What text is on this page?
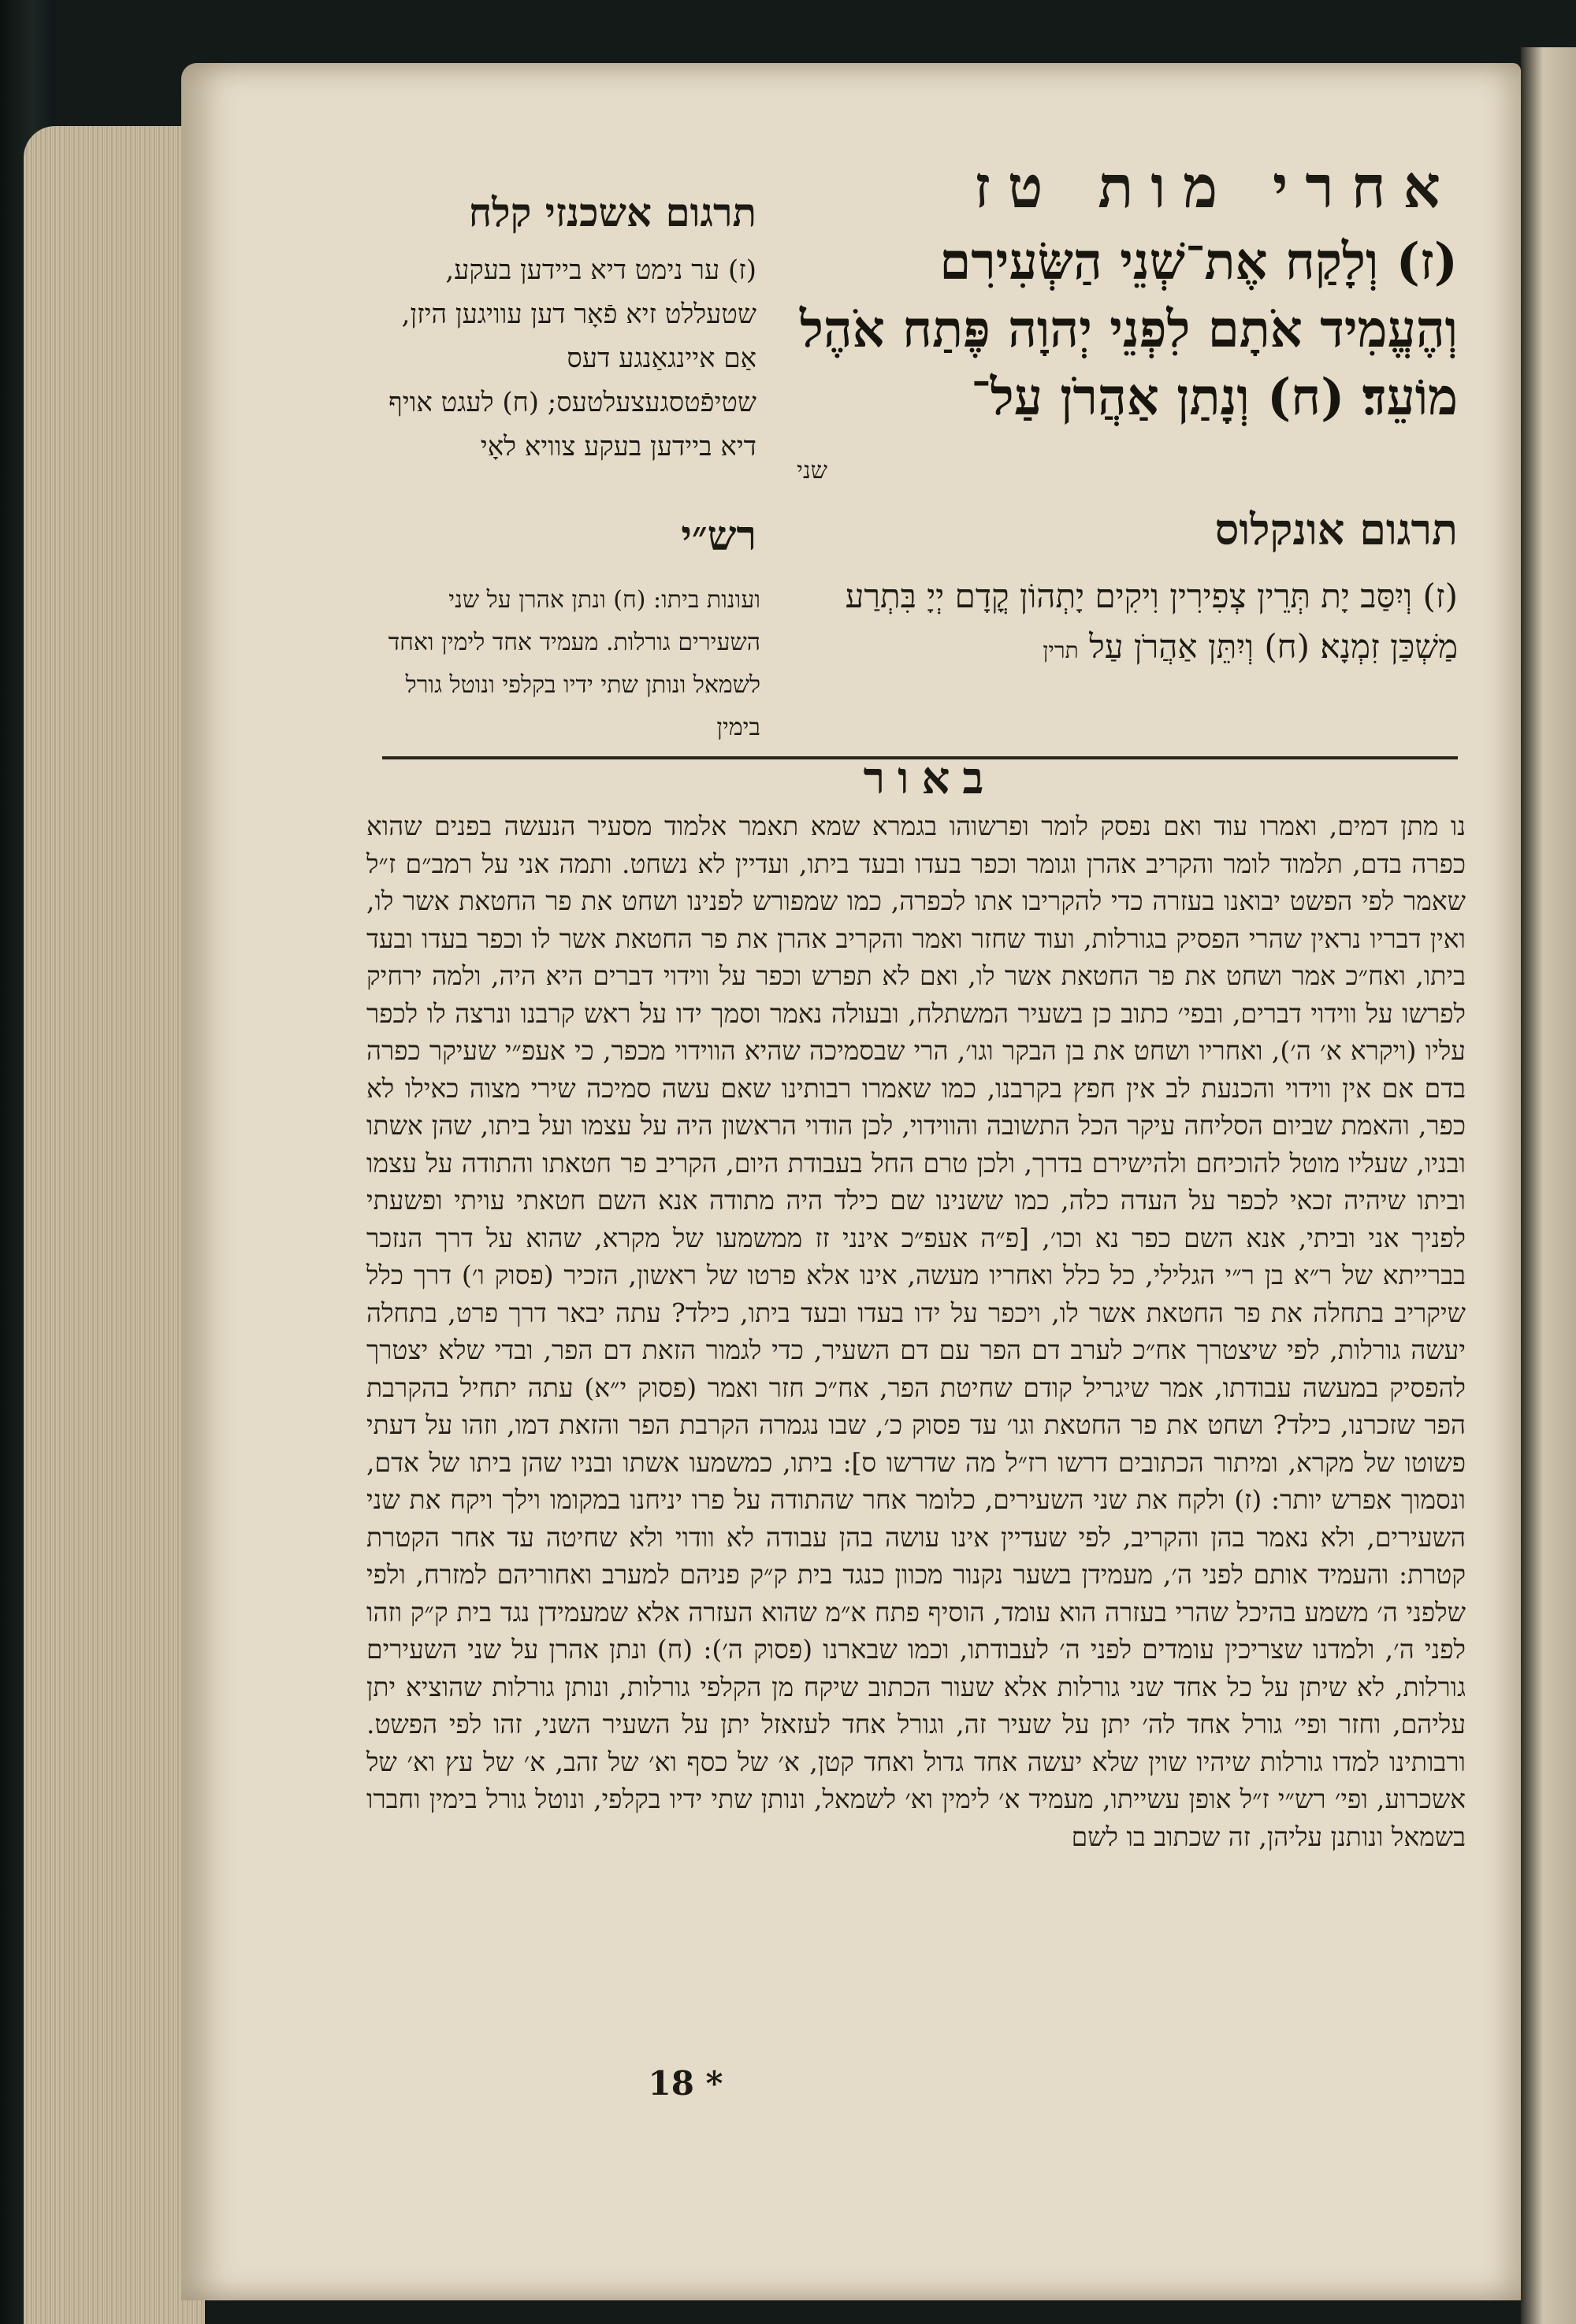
אחרי מות טז
תרגום אשכנזי קלח
(ז) וְלָקַח אֶת־שְׁנֵי הַשְּׂעִירִם וְהֶעֱמִיד אֹתָם לִפְנֵי יְהוָה פֶּתַח אֹהֶל מוֹעֵד׃ (ח) וְנָתַן אַהֲרֹן עַל־
שני
(ז) ער נימט דיא ביידען בעקע, שטעללט זיא פֿאָר דען עוויגען היזן, אַם איינגאַנגע דעס שטיפֿטסגעצעלטעס; (ח) לעגט אויף דיא ביידען בעקע צוויא לאָי
תרגום אונקלוס
(ז) וְיִסַּב יָת תְּרֵין צְפִירִין וִיקִים יָתְהוֹן קֳדָם יְיָ בִּתְרַע מַשְׁכַּן זִמְנָא׃ (ח) וְיִתֵּן אַהֲרֹן עַל תרין
רש״י
ועונות ביתו: (ח) ונתן אהרן על שני השעירים גורלות. מעמיד אחד לימין ואחד לשמאל ונותן שתי ידיו בקלפי ונוטל גורל בימין
באור
נו מתן דמים, ואמרו עוד ואם נפסק לומר ופרשוהו בגמרא שמא תאמר אלמוד מסעיר הנעשה בפנים שהוא כפרה בדם, תלמוד לומר והקריב אהרן וגומר וכפר בעדו ובעד ביתו, ועדיין לא נשחט. ותמה אני על רמב״ם ז״ל שאמר לפי הפשט יבואנו בעזרה כדי להקריבו אתו לכפרה, כמו שמפורש לפנינו ושחט את פר החטאת אשר לו, ואין דבריו נראין שהרי הפסיק בגורלות, ועוד שחזר ואמר והקריב אהרן את פר החטאת אשר לו וכפר בעדו ובעד ביתו, ואח״כ אמר ושחט את פר החטאת אשר לו, ואם לא תפרש וכפר על ווידוי דברים היא היה, ולמה ירחיק לפרשו על ווידוי דברים, ובפי׳ כתוב כן בשעיר המשתלח, ובעולה נאמר וסמך ידו על ראש קרבנו ונרצה לו לכפר עליו (ויקרא א׳ ה׳), ואחריו ושחט את בן הבקר וגו׳, הרי שבסמיכה שהיא הווידוי מכפר, כי אעפ״י שעיקר כפרה בדם אם אין ווידוי והכנעת לב אין חפץ בקרבנו, כמו שאמרו רבותינו שאם עשה סמיכה שירי מצוה כאילו לא כפר, והאמת שביום הסליחה עיקר הכל התשובה והווידוי, לכן הודוי הראשון היה על עצמו ועל ביתו, שהן אשתו ובניו, שעליו מוטל להוכיחם ולהישירם בדרך, ולכן טרם החל בעבודת היום, הקריב פר חטאתו והתודה על עצמו וביתו שיהיה זכאי לכפר על העדה כלה, כמו ששנינו שם כילד היה מתודה אנא השם חטאתי עויתי ופשעתי לפניך אני וביתי, אנא השם כפר נא וכו׳, [פ״ה אעפ״כ אינני זז ממשמעו של מקרא, שהוא על דרך הנזכר בברייתא של ר״א בן ר״י הגלילי, כל כלל ואחריו מעשה, אינו אלא פרטו של ראשון, הזכיר (פסוק ו׳) דרך כלל שיקריב בתחלה את פר החטאת אשר לו, ויכפר על ידו בעדו ובעד ביתו, כילד? עתה יבאר דרך פרט, בתחלה יעשה גורלות, לפי שיצטרך אח״כ לערב דם הפר עם דם השעיר, כדי לגמור הזאת דם הפר, ובדי שלא יצטרך להפסיק במעשה עבודתו, אמר שיגריל קודם שחיטת הפר, אח״כ חזר ואמר (פסוק י״א) עתה יתחיל בהקרבת הפר שזכרנו, כילד? ושחט את פר החטאת וגו׳ עד פסוק כ׳, שבו נגמרה הקרבת הפר והזאת דמו, וזהו על דעתי פשוטו של מקרא, ומיתור הכתובים דרשו רז״ל מה שדרשו ס]: ביתו, כמשמעו אשתו ובניו שהן ביתו של אדם, ונסמוך אפרש יותר: (ז) ולקח את שני השעירים, כלומר אחר שהתודה על פרו יניחנו במקומו וילך ויקח את שני השעירים, ולא נאמר בהן והקריב, לפי שעדיין אינו עושה בהן עבודה לא וודוי ולא שחיטה עד אחר הקטרת קטרת: והעמיד אותם לפני ה׳, מעמידן בשער נקנור מכוון כנגד בית ק״ק פניהם למערב ואחוריהם למזרח, ולפי שלפני ה׳ משמע בהיכל שהרי בעזרה הוא עומד, הוסיף פתח א״מ שהוא העזרה אלא שמעמידן נגד בית ק״ק וזהו לפני ה׳, ולמדנו שצריכין עומדים לפני ה׳ לעבודתו, וכמו שבארנו (פסוק ה׳): (ח) ונתן אהרן על שני השעירים גורלות, לא שיתן על כל אחד שני גורלות אלא שעור הכתוב שיקח מן הקלפי גורלות, ונותן גורלות שהוציא יתן עליהם, וחזר ופי׳ גורל אחד לה׳ יתן על שעיר זה, וגורל אחד לעזאזל יתן על השעיר השני, זהו לפי הפשט. ורבותינו למדו גורלות שיהיו שוין שלא יעשה אחד גדול ואחד קטן, א׳ של כסף וא׳ של זהב, א׳ של עץ וא׳ של אשכרוע, ופי׳ רש״י ז״ל אופן עשייתו, מעמיד א׳ לימין וא׳ לשמאל, ונותן שתי ידיו בקלפי, ונוטל גורל בימין וחברו בשמאל ונותנן עליהן, זה שכתוב בו לשם
18 *
